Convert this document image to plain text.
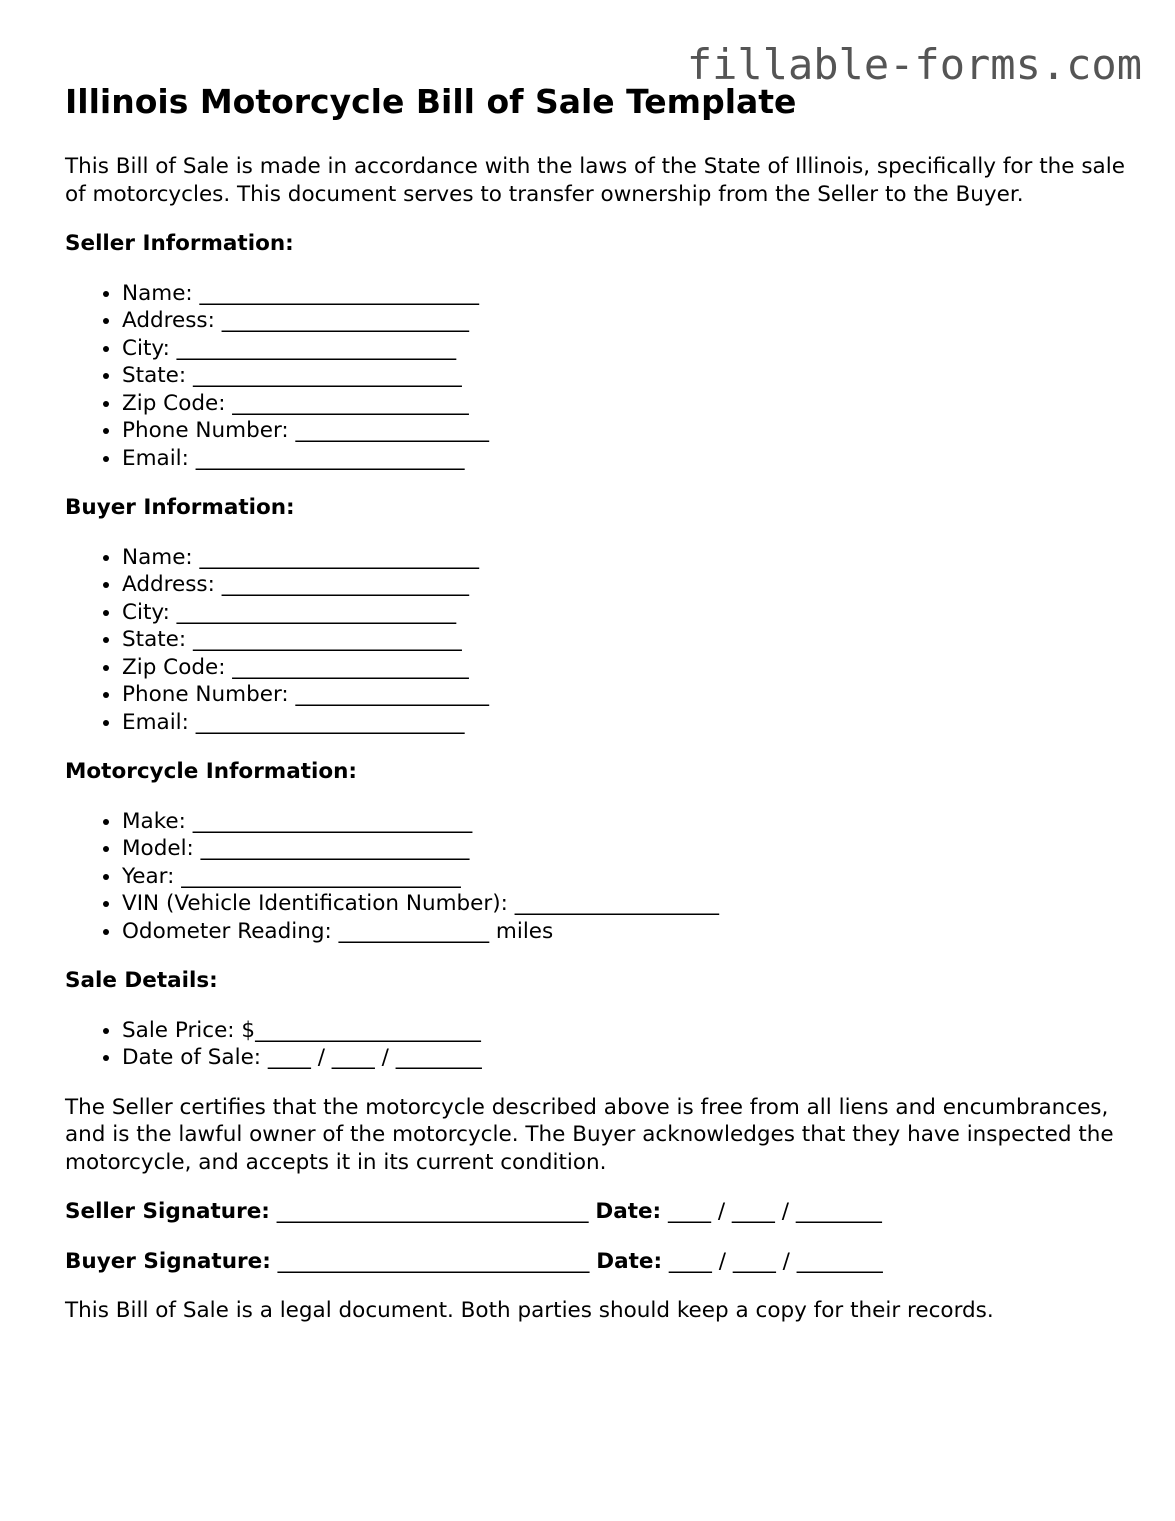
fillable-forms.com
Illinois Motorcycle Bill of Sale Template

This Bill of Sale is made in accordance with the laws of the State of Illinois, specifically for the sale of motorcycles. This document serves to transfer ownership from the Seller to the Buyer.

Seller Information:
• Name: __________________________
• Address: _______________________
• City: __________________________
• State: _________________________
• Zip Code: ______________________
• Phone Number: __________________
• Email: _________________________
Buyer Information:
• Name: __________________________
• Address: _______________________
• City: __________________________
• State: _________________________
• Zip Code: ______________________
• Phone Number: __________________
• Email: _________________________
Motorcycle Information:
• Make: __________________________
• Model: _________________________
• Year: __________________________
• VIN (Vehicle Identification Number): ___________________
• Odometer Reading: ______________ miles
Sale Details:
• Sale Price: $_____________________
• Date of Sale: ____ / ____ / ________

The Seller certifies that the motorcycle described above is free from all liens and encumbrances, and is the lawful owner of the motorcycle. The Buyer acknowledges that they have inspected the motorcycle, and accepts it in its current condition.

Seller Signature: _____________________________ Date: ____ / ____ / ________
Buyer Signature: _____________________________ Date: ____ / ____ / ________

This Bill of Sale is a legal document. Both parties should keep a copy for their records.
